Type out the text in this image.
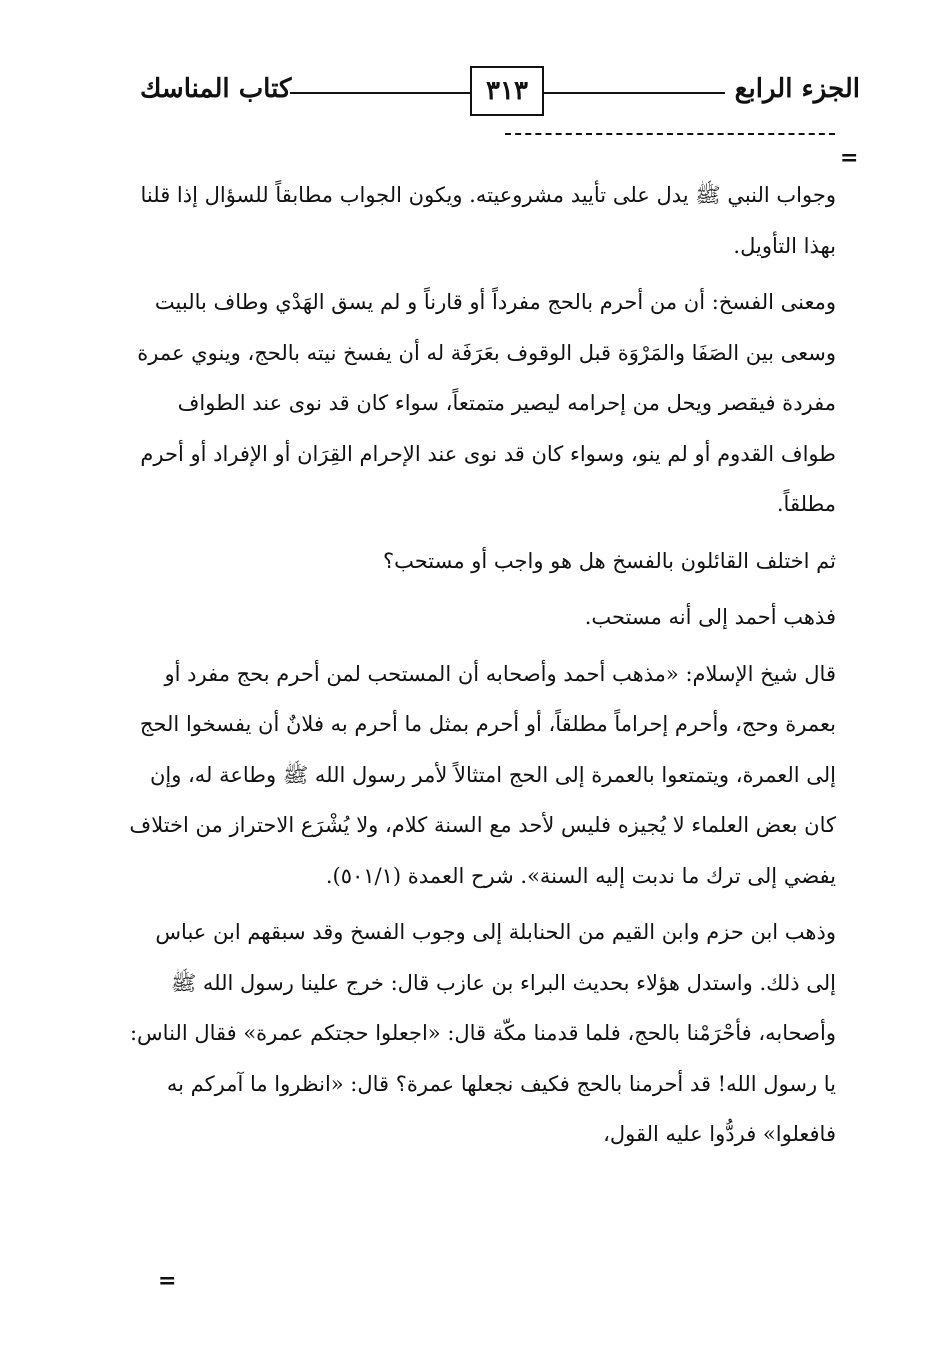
كتاب المناسك	٣١٣	الجزء الرابع
=

وجواب النبي ﷺ يدل على تأييد مشروعيته. ويكون الجواب مطابقاً للسؤال إذا قلنا بهذا التأويل.

ومعنى الفسخ: أن من أحرم بالحج مفرداً أو قارناً و لم يسق الهَدْي وطاف بالبيت وسعى بين الصَفَا والمَرْوَة قبل الوقوف بعَرَفَة له أن يفسخ نيته بالحج، وينوي عمرة مفردة فيقصر ويحل من إحرامه ليصير متمتعاً، سواء كان قد نوى عند الطواف طواف القدوم أو لم ينو، وسواء كان قد نوى عند الإحرام القِرَان أو الإفراد أو أحرم مطلقاً.

ثم اختلف القائلون بالفسخ هل هو واجب أو مستحب؟

فذهب أحمد إلى أنه مستحب.

قال شيخ الإسلام: «مذهب أحمد وأصحابه أن المستحب لمن أحرم بحج مفرد أو بعمرة وحج، وأحرم إحراماً مطلقاً، أو أحرم بمثل ما أحرم به فلانٌ أن يفسخوا الحج إلى العمرة، ويتمتعوا بالعمرة إلى الحج امتثالاً لأمر رسول الله ﷺ وطاعة له، وإن كان بعض العلماء لا يُجيزه فليس لأحد مع السنة كلام، ولا يُشْرَع الاحتراز من اختلاف يفضي إلى ترك ما ندبت إليه السنة». شرح العمدة (٥٠١/١).

وذهب ابن حزم وابن القيم من الحنابلة إلى وجوب الفسخ وقد سبقهم ابن عباس إلى ذلك. واستدل هؤلاء بحديث البراء بن عازب قال: خرج علينا رسول الله ﷺ وأصحابه، فأحْرَمْنا بالحج، فلما قدمنا مكّة قال: «اجعلوا حجتكم عمرة» فقال الناس: يا رسول الله! قد أحرمنا بالحج فكيف نجعلها عمرة؟ قال: «انظروا ما آمركم به فافعلوا» فردُّوا عليه القول،

=
